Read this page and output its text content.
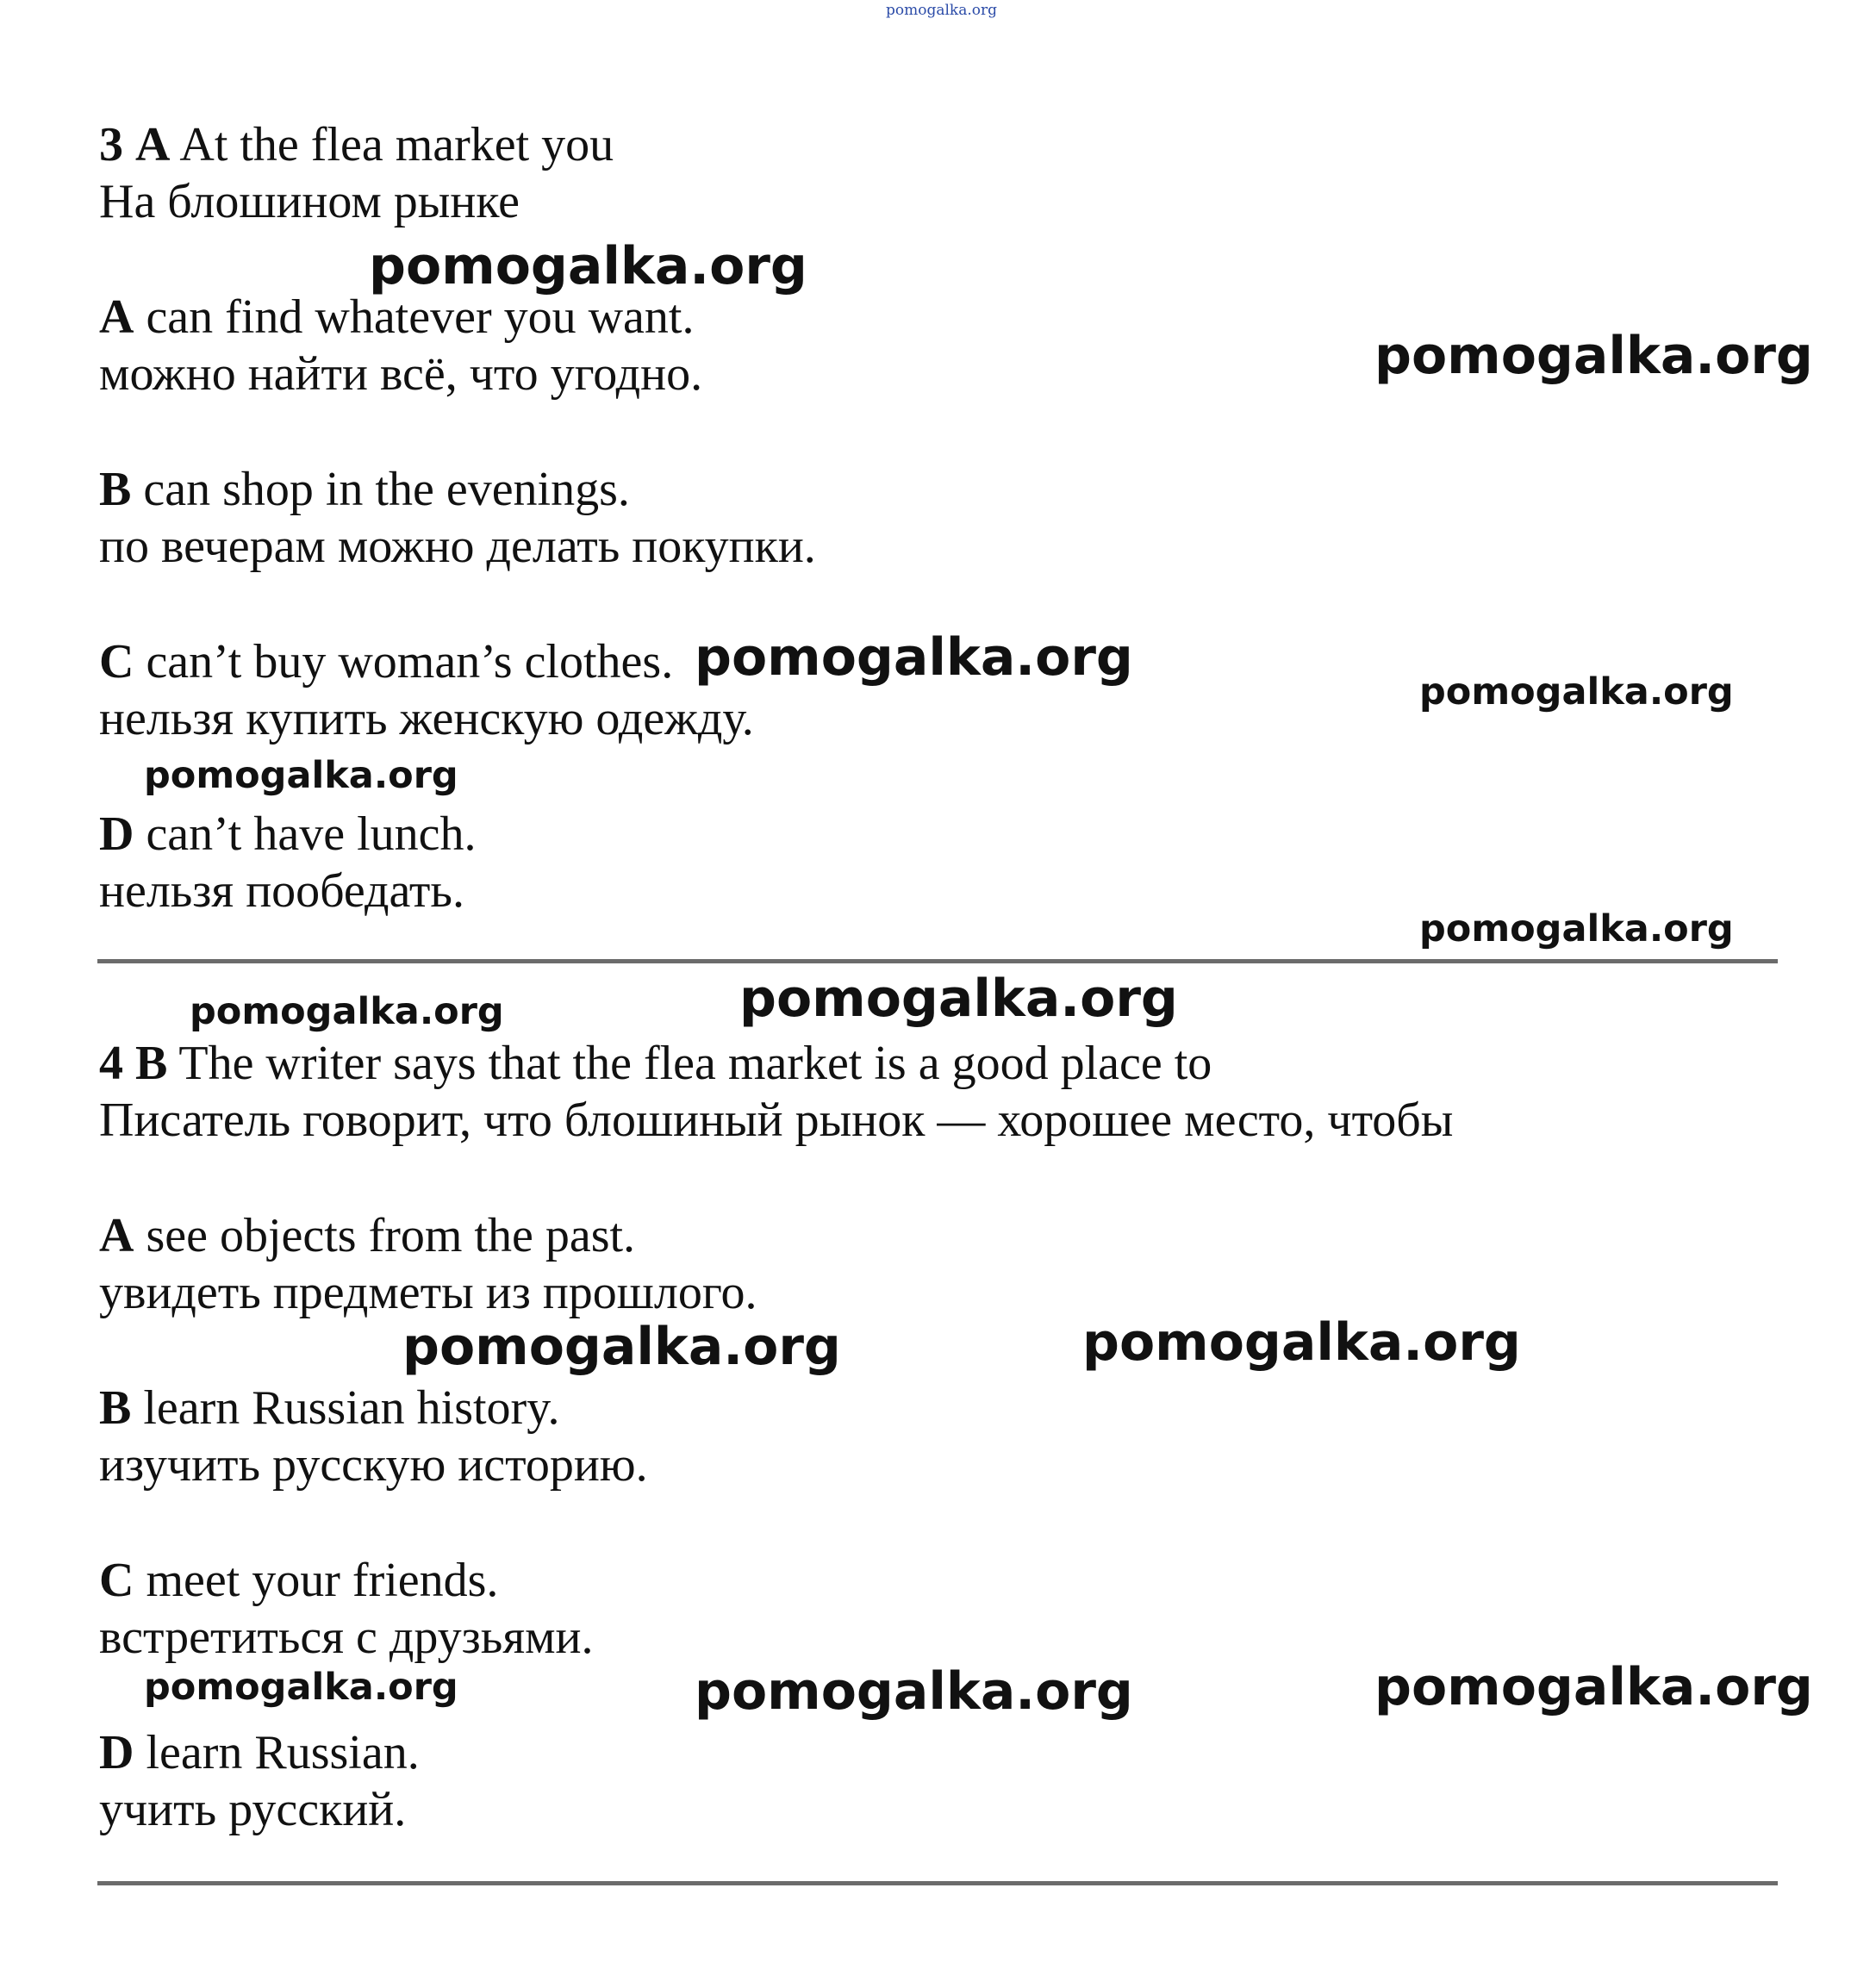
pomogalka.org
3 A At the flea market you
На блошином рынке
A can find whatever you want.
можно найти всё, что угодно.
B can shop in the evenings.
по вечерам можно делать покупки.
C can’t buy woman’s clothes.
нельзя купить женскую одежду.
D can’t have lunch.
нельзя пообедать.
4 B The writer says that the flea market is a good place to
Писатель говорит, что блошиный рынок — хорошее место, чтобы
A see objects from the past.
увидеть предметы из прошлого.
B learn Russian history.
изучить русскую историю.
C meet your friends.
встретиться с друзьями.
D learn Russian.
учить русский.
pomogalka.org
pomogalka.org
pomogalka.org
pomogalka.org
pomogalka.org
pomogalka.org
pomogalka.org	pomogalka.org
pomogalka.org	pomogalka.org
pomogalka.org	pomogalka.org	pomogalka.org
